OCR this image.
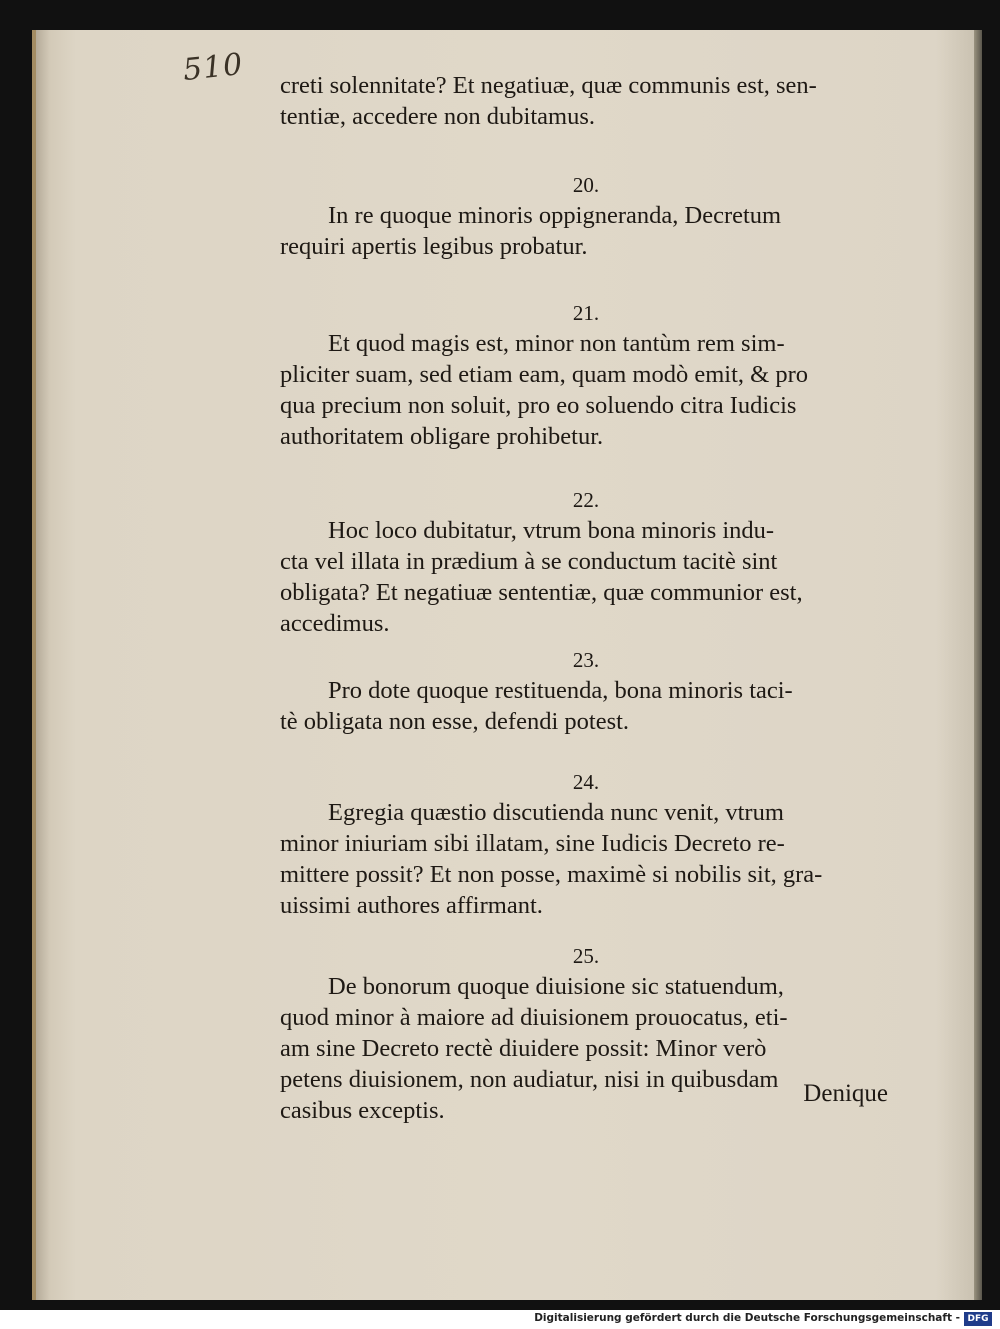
510 creti solennitate? Et negatiuæ, quæ communis est, sen-
tentiæ, accedere non dubitamus.

20.

In re quoque minoris oppigneranda, Decretum
requiri apertis legibus probatur.

21.

Et quod magis est, minor non tantùm rem sim-
pliciter suam, sed etiam eam, quam modò emit, & pro
qua precium non soluit, pro eo soluendo citra Iudicis
authoritatem obligare prohibetur.

22.

Hoc loco dubitatur, vtrum bona minoris indu-
cta vel illata in prædium à se conductum tacitè sint
obligata? Et negatiuæ sententiæ, quæ communior est,
accedimus.

23.

Pro dote quoque restituenda, bona minoris taci-
tè obligata non esse, defendi potest.

24.

Egregia quæstio discutienda nunc venit, vtrum
minor iniuriam sibi illatam, sine Iudicis Decreto re-
mittere possit? Et non posse, maximè si nobilis sit, gra-
uissimi authores affirmant.

25.

De bonorum quoque diuisione sic statuendum,
quod minor à maiore ad diuisionem prouocatus, eti-
am sine Decreto rectè diuidere possit: Minor verò
petens diuisionem, non audiatur, nisi in quibusdam
casibus exceptis.

Denique
Digitalisierung gefördert durch die Deutsche Forschungsgemeinschaft - DFG
